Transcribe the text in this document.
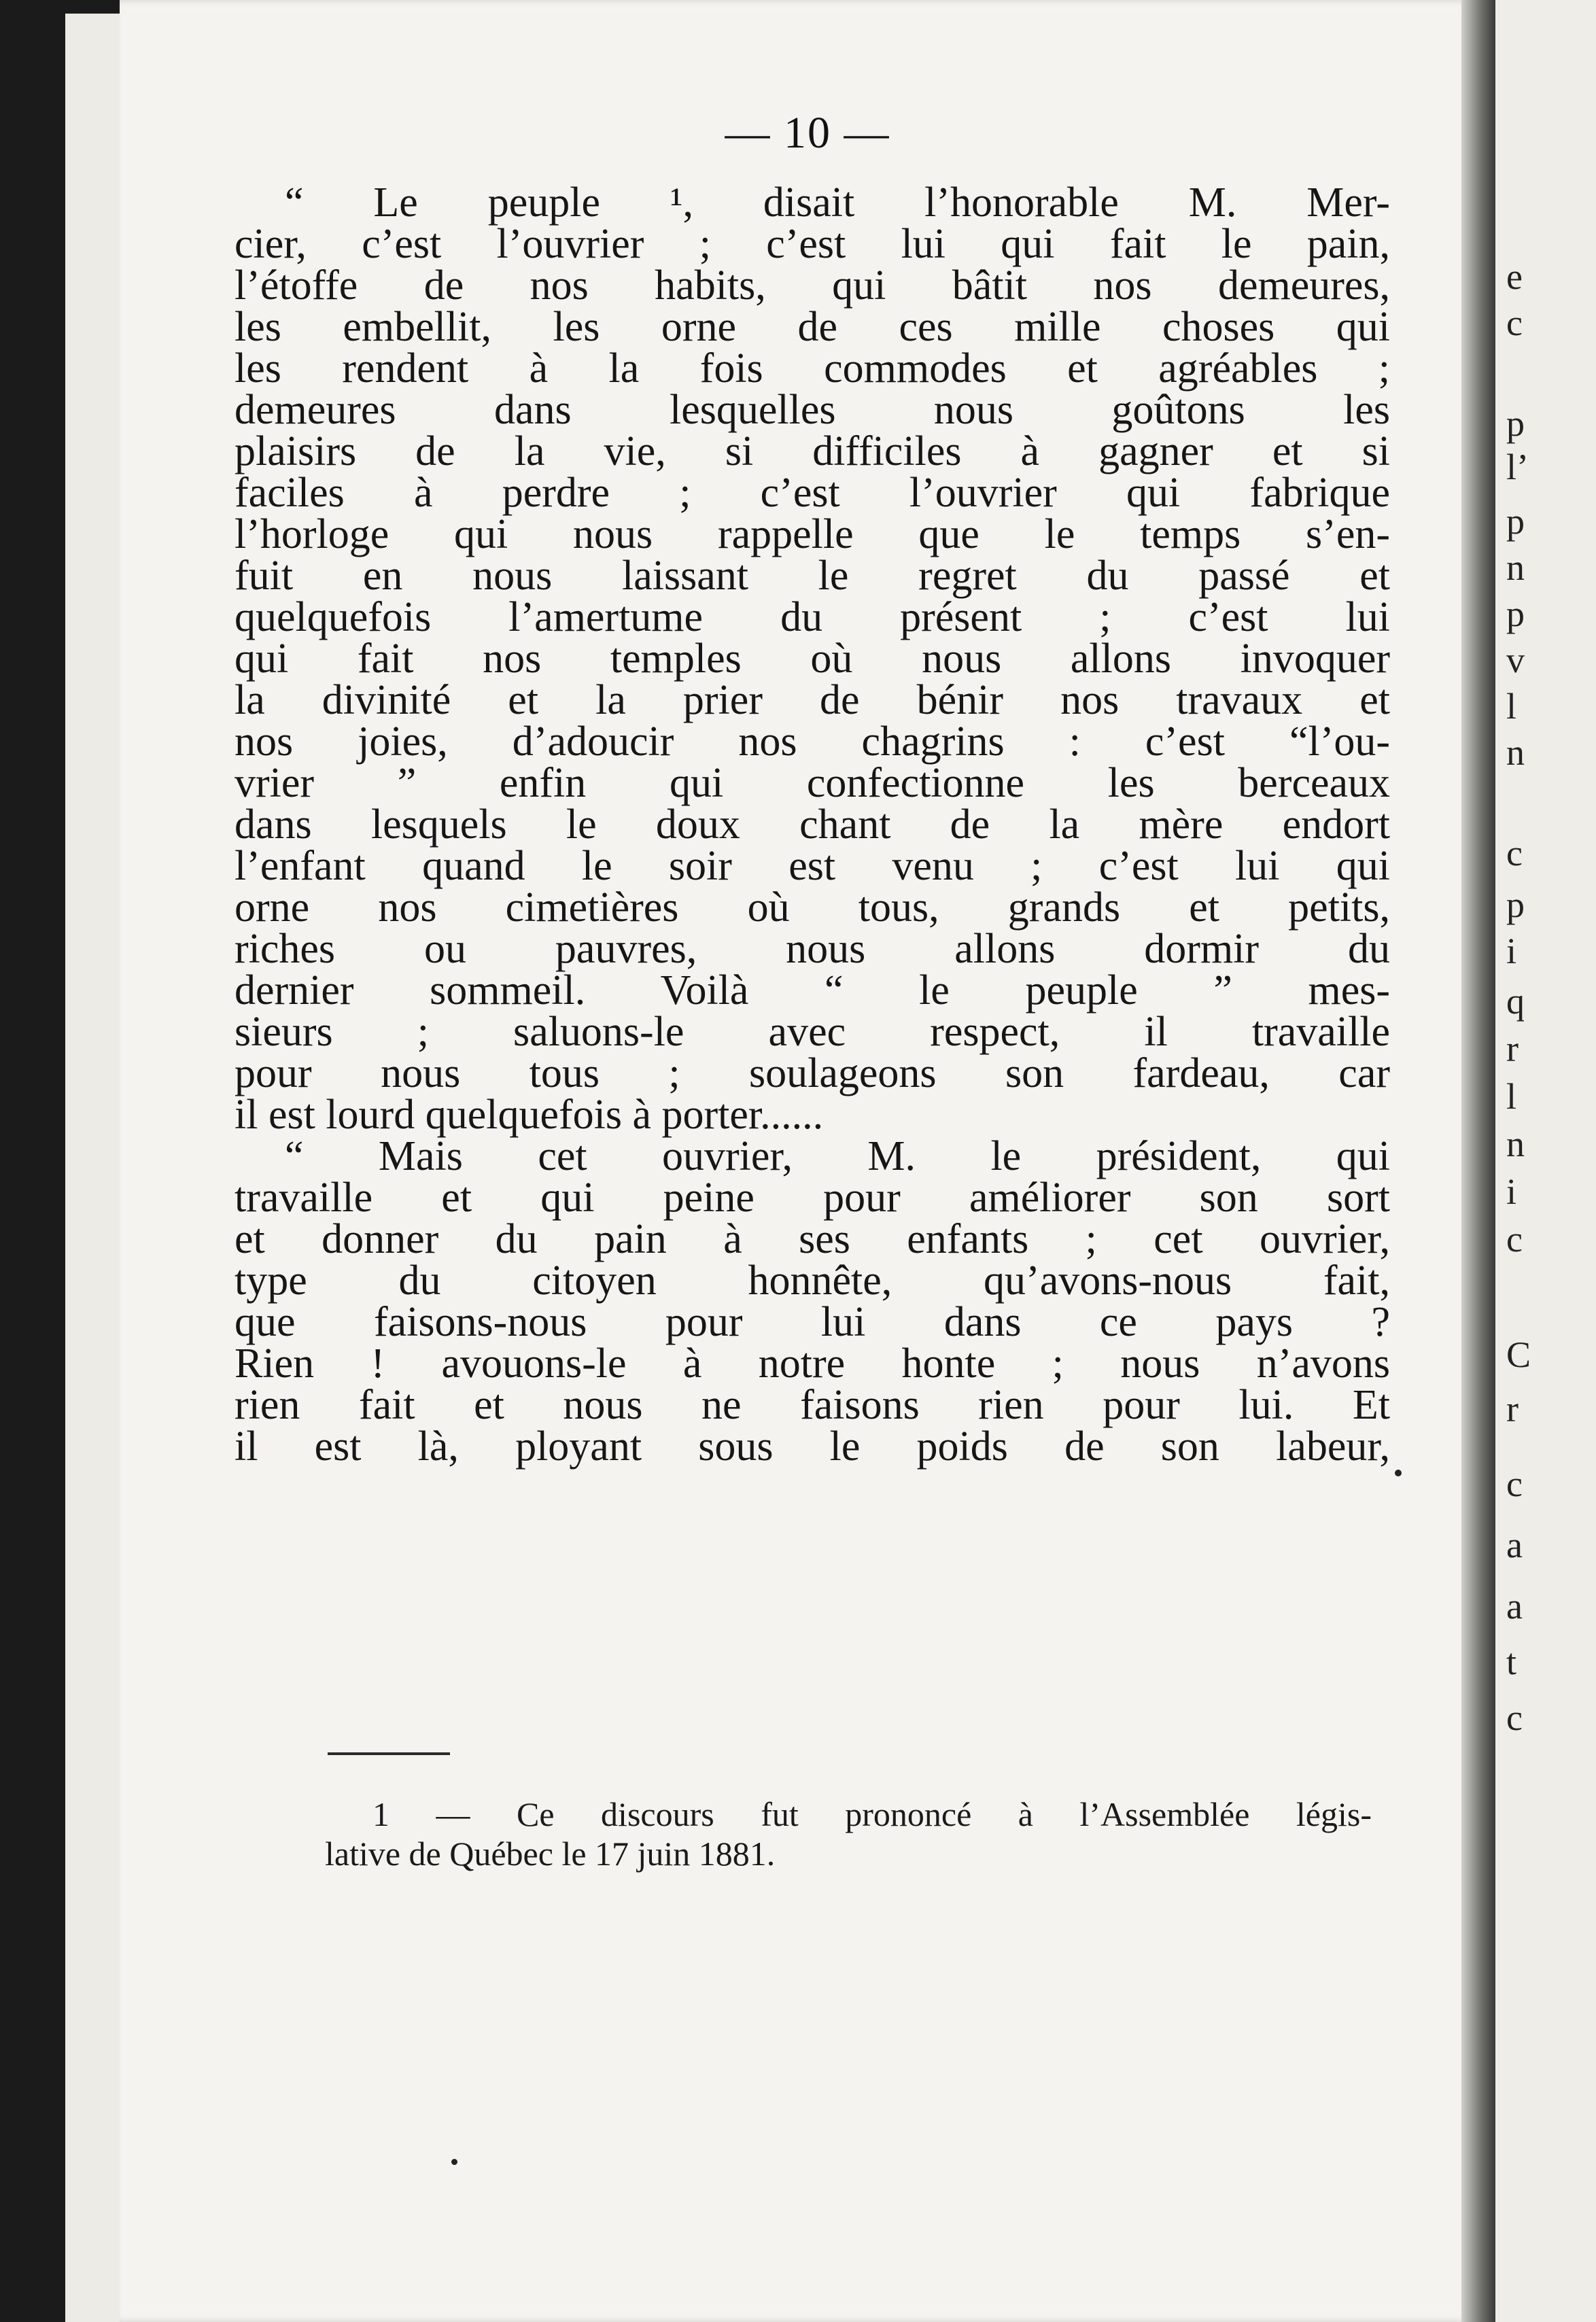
— 10 —
“ Le peuple ¹, disait l’honorable M. Mer-
cier, c’est l’ouvrier ; c’est lui qui fait le pain,
l’étoffe de nos habits, qui bâtit nos demeures,
les embellit, les orne de ces mille choses qui
les rendent à la fois commodes et agréables ;
demeures dans lesquelles nous goûtons les
plaisirs de la vie, si difficiles à gagner et si
faciles à perdre ; c’est l’ouvrier qui fabrique
l’horloge qui nous rappelle que le temps s’en-
fuit en nous laissant le regret du passé et
quelquefois l’amertume du présent ; c’est lui
qui fait nos temples où nous allons invoquer
la divinité et la prier de bénir nos travaux et
nos joies, d’adoucir nos chagrins : c’est “l’ou-
vrier ” enfin qui confectionne les berceaux
dans lesquels le doux chant de la mère endort
l’enfant quand le soir est venu ; c’est lui qui
orne nos cimetières où tous, grands et petits,
riches ou pauvres, nous allons dormir du
dernier sommeil. Voilà “ le peuple ” mes-
sieurs ; saluons-le avec respect, il travaille
pour nous tous ; soulageons son fardeau, car
il est lourd quelquefois à porter......
“ Mais cet ouvrier, M. le président, qui
travaille et qui peine pour améliorer son sort
et donner du pain à ses enfants ; cet ouvrier,
type du citoyen honnête, qu’avons-nous fait,
que faisons-nous pour lui dans ce pays ?
Rien ! avouons-le à notre honte ; nous n’avons
rien fait et nous ne faisons rien pour lui. Et
il est là, ployant sous le poids de son labeur,
1 — Ce discours fut prononcé à l’Assemblée légis-
lative de Québec le 17 juin 1881.
e
c
p
l’
p
n
p
v
l
n
c
p
i
q
r
l
n
i
c
C
r
c
a
a
t
c
